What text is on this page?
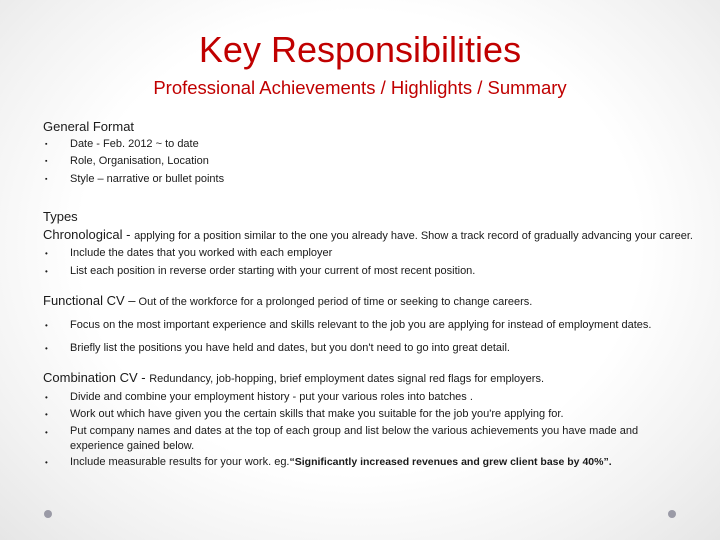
Key Responsibilities
Professional Achievements / Highlights / Summary
General Format
▪ Date - Feb. 2012 ~ to date
▪ Role, Organisation, Location
▪ Style – narrative or bullet points
Types
Chronological - applying for a position similar to the one you already have. Show a track record of gradually advancing your career.
• Include the dates that you worked with each employer
• List each position in reverse order starting with your current of most recent position.
Functional CV – Out of the workforce for a prolonged period of time or seeking to change careers.
• Focus on the most important experience and skills relevant to the job you are applying for instead of employment dates.
• Briefly list the positions you have held and dates, but you don't need to go into great detail.
Combination CV - Redundancy, job-hopping, brief employment dates signal red flags for employers.
• Divide and combine your employment history - put your various roles into batches .
• Work out which have given you the certain skills that make you suitable for the job you're applying for.
• Put company names and dates at the top of each group and list below the various achievements you have made and experience gained below.
• Include measurable results for your work. eg.“Significantly increased revenues and grew client base by 40%”.
